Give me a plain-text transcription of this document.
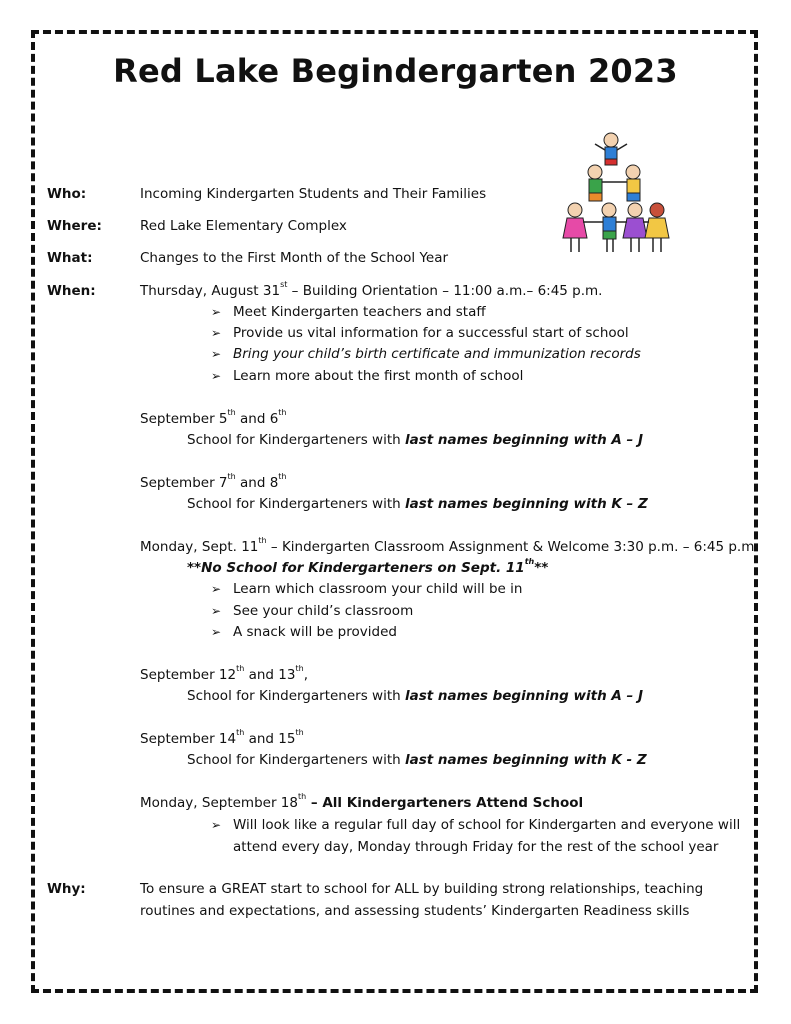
Red Lake Begindergarten 2023
Who:	Incoming Kindergarten Students and Their Families
Where:	Red Lake Elementary Complex
What:	Changes to the First Month of the School Year
When:	Thursday, August 31st – Building Orientation – 11:00 a.m.– 6:45 p.m.
➢ Meet Kindergarten teachers and staff
➢ Provide us vital information for a successful start of school
➢ Bring your child’s birth certificate and immunization records
➢ Learn more about the first month of school
September 5th and 6th
School for Kindergarteners with last names beginning with A – J
September 7th and 8th
School for Kindergarteners with last names beginning with K – Z
Monday, Sept. 11th – Kindergarten Classroom Assignment & Welcome 3:30 p.m. – 6:45 p.m.
**No School for Kindergarteners on Sept. 11th**
➢ Learn which classroom your child will be in
➢ See your child’s classroom
➢ A snack will be provided
September 12th and 13th,
School for Kindergarteners with last names beginning with A – J
September 14th and 15th
School for Kindergarteners with last names beginning with K - Z
Monday, September 18th – All Kindergarteners Attend School
➢ Will look like a regular full day of school for Kindergarten and everyone will
attend every day, Monday through Friday for the rest of the school year
Why:	To ensure a GREAT start to school for ALL by building strong relationships, teaching
routines and expectations, and assessing students’ Kindergarten Readiness skills
